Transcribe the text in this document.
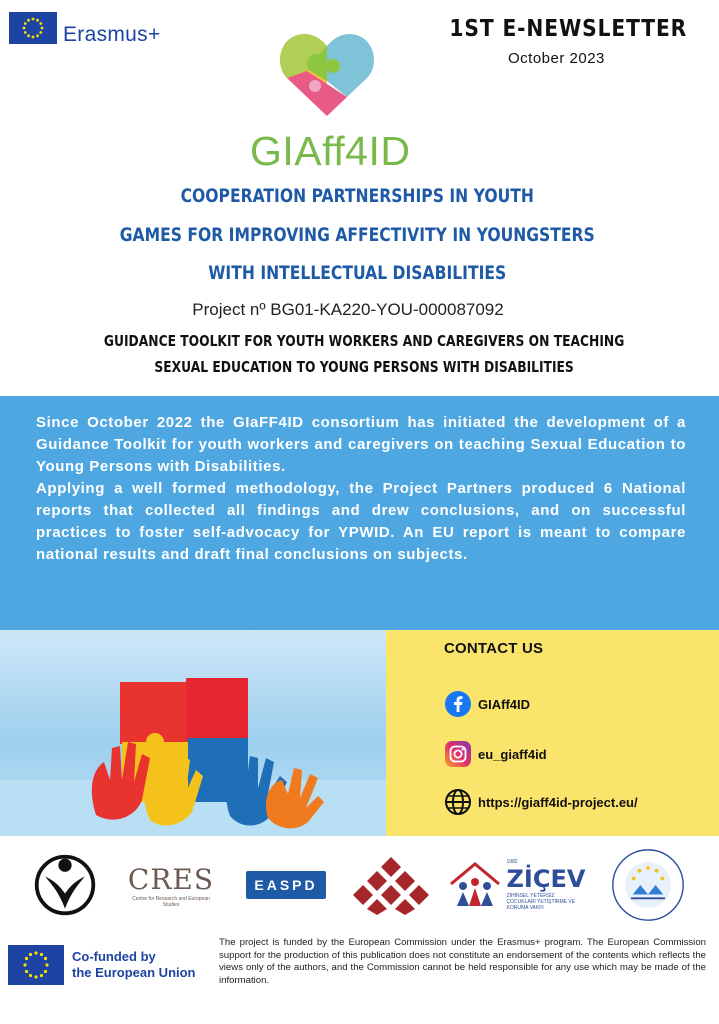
Erasmus+	1ST E-NEWSLETTER
October 2023
GIAff4ID
COOPERATION PARTNERSHIPS IN YOUTH
GAMES FOR IMPROVING AFFECTIVITY IN YOUNGSTERS
WITH INTELLECTUAL DISABILITIES
Project nº BG01-KA220-YOU-000087092
GUIDANCE TOOLKIT FOR YOUTH WORKERS AND CAREGIVERS ON TEACHING
SEXUAL EDUCATION TO YOUNG PERSONS WITH DISABILITIES

Since October 2022 the GIaFF4ID consortium has initiated the development of a Guidance Toolkit for youth workers and caregivers on teaching Sexual Education to Young Persons with Disabilities.

Applying a well formed methodology, the Project Partners produced 6 National reports that collected all findings and drew conclusions, and on successful practices to foster self-advocacy for YPWID. An EU report is meant to compare national results and draft final conclusions on subjects.

CONTACT US
GIAff4ID
eu_giaff4id
https://giaff4id-project.eu/
CRES
Centre for Research and European Studies
EASPD
1982
ZİÇEV
ZİHİNSEL YETERSİZ ÇOCUKLARI YETİŞTİRME VE KORUMA VAKFI
Co-funded by
the European Union
The project is funded by the European Commission under the Erasmus+ program. The European Commission support for the production of this publication does not constitute an endorsement of the contents which reflects the views only of the authors, and the Commission cannot be held responsible for any use which may be made of the information.
